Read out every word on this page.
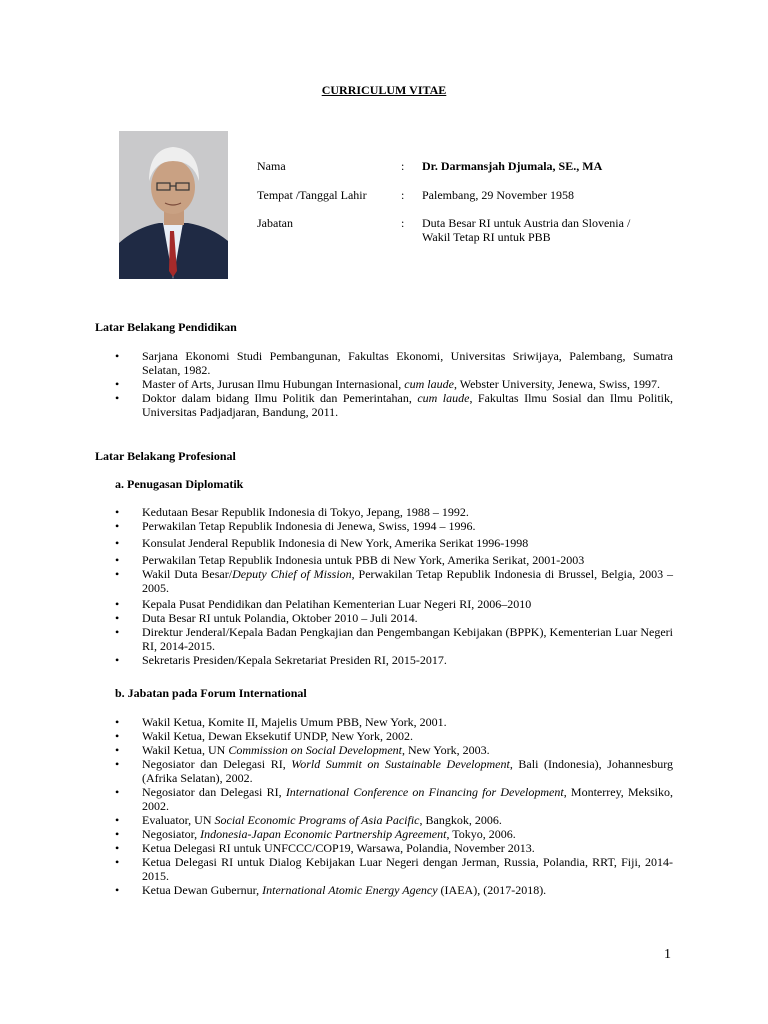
CURRICULUM VITAE
Nama	: Dr. Darmansjah Djumala, SE., MA
Tempat /Tanggal Lahir	: Palembang, 29 November 1958
Jabatan	: Duta Besar RI untuk Austria dan Slovenia /
Wakil Tetap RI untuk PBB
Latar Belakang Pendidikan
• Sarjana Ekonomi Studi Pembangunan, Fakultas Ekonomi, Universitas Sriwijaya, Palembang, Sumatra Selatan, 1982.
• Master of Arts, Jurusan Ilmu Hubungan Internasional, cum laude, Webster University, Jenewa, Swiss, 1997.
• Doktor dalam bidang Ilmu Politik dan Pemerintahan, cum laude, Fakultas Ilmu Sosial dan Ilmu Politik, Universitas Padjadjaran, Bandung, 2011.
Latar Belakang Profesional
a. Penugasan Diplomatik
• Kedutaan Besar Republik Indonesia di Tokyo, Jepang, 1988 – 1992.
• Perwakilan Tetap Republik Indonesia di Jenewa, Swiss, 1994 – 1996.
• Konsulat Jenderal Republik Indonesia di New York, Amerika Serikat 1996-1998
• Perwakilan Tetap Republik Indonesia untuk PBB di New York, Amerika Serikat, 2001-2003
• Wakil Duta Besar/Deputy Chief of Mission, Perwakilan Tetap Republik Indonesia di Brussel, Belgia, 2003 – 2005.
• Kepala Pusat Pendidikan dan Pelatihan Kementerian Luar Negeri RI, 2006–2010
• Duta Besar RI untuk Polandia, Oktober 2010 – Juli 2014.
• Direktur Jenderal/Kepala Badan Pengkajian dan Pengembangan Kebijakan (BPPK), Kementerian Luar Negeri RI, 2014-2015.
• Sekretaris Presiden/Kepala Sekretariat Presiden RI, 2015-2017.
b. Jabatan pada Forum International
• Wakil Ketua, Komite II, Majelis Umum PBB, New York, 2001.
• Wakil Ketua, Dewan Eksekutif UNDP, New York, 2002.
• Wakil Ketua, UN Commission on Social Development, New York, 2003.
• Negosiator dan Delegasi RI, World Summit on Sustainable Development, Bali (Indonesia), Johannesburg (Afrika Selatan), 2002.
• Negosiator dan Delegasi RI, International Conference on Financing for Development, Monterrey, Meksiko, 2002.
• Evaluator, UN Social Economic Programs of Asia Pacific, Bangkok, 2006.
• Negosiator, Indonesia-Japan Economic Partnership Agreement, Tokyo, 2006.
• Ketua Delegasi RI untuk UNFCCC/COP19, Warsawa, Polandia, November 2013.
• Ketua Delegasi RI untuk Dialog Kebijakan Luar Negeri dengan Jerman, Russia, Polandia, RRT, Fiji, 2014-2015.
• Ketua Dewan Gubernur, International Atomic Energy Agency (IAEA), (2017-2018).
1
